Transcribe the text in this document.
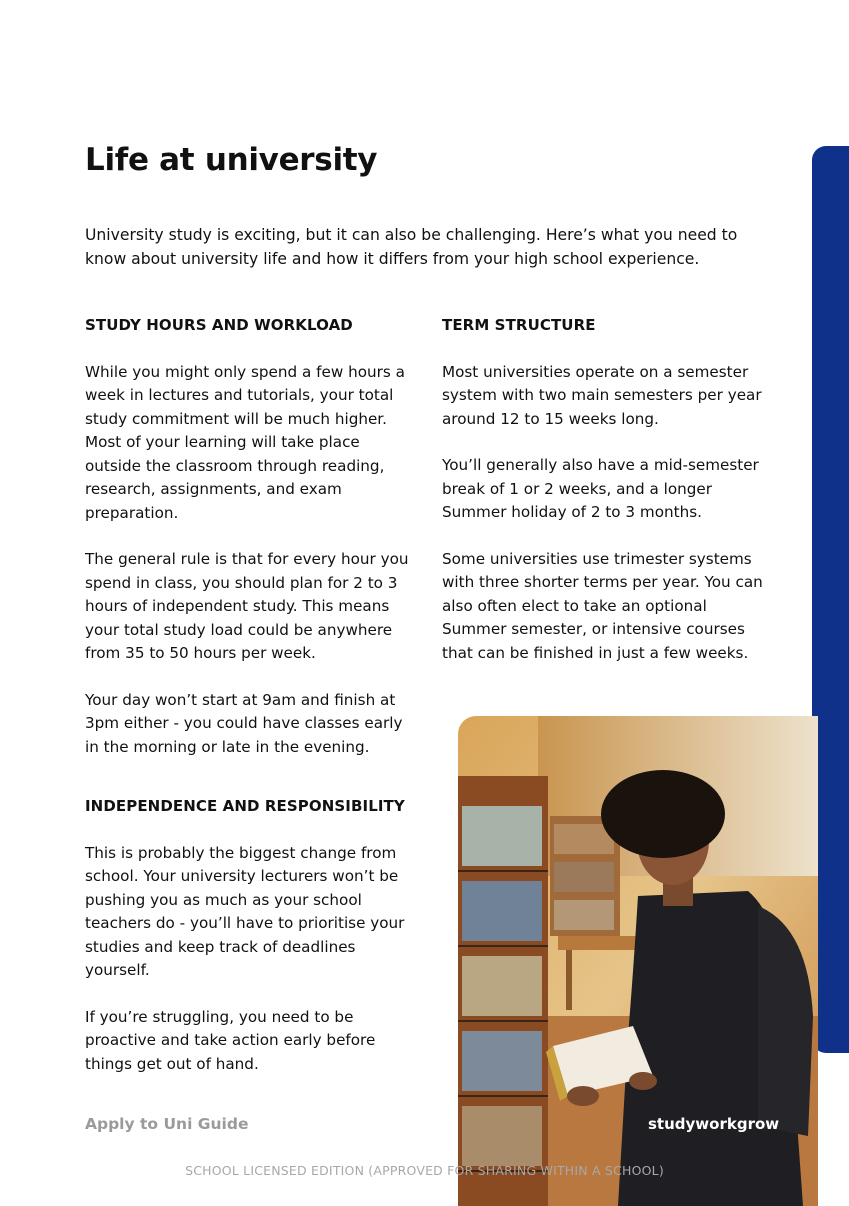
Life at university

University study is exciting, but it can also be challenging. Here’s what you need to know about university life and how it differs from your high school experience.

STUDY HOURS AND WORKLOAD

While you might only spend a few hours a week in lectures and tutorials, your total study commitment will be much higher. Most of your learning will take place outside the classroom through reading, research, assignments, and exam preparation.

The general rule is that for every hour you spend in class, you should plan for 2 to 3 hours of independent study. This means your total study load could be anywhere from 35 to 50 hours per week.

Your day won’t start at 9am and finish at 3pm either - you could have classes early in the morning or late in the evening.

INDEPENDENCE AND RESPONSIBILITY

This is probably the biggest change from school. Your university lecturers won’t be pushing you as much as your school teachers do - you’ll have to prioritise your studies and keep track of deadlines yourself.

If you’re struggling, you need to be proactive and take action early before things get out of hand.

TERM STRUCTURE

Most universities operate on a semester system with two main semesters per year around 12 to 15 weeks long.

You’ll generally also have a mid-semester break of 1 or 2 weeks, and a longer Summer holiday of 2 to 3 months.

Some universities use trimester systems with three shorter terms per year. You can also often elect to take an optional Summer semester, or intensive courses that can be finished in just a few weeks.

Apply to Uni Guide	studyworkgrow
SCHOOL LICENSED EDITION (APPROVED FOR SHARING WITHIN A SCHOOL)
